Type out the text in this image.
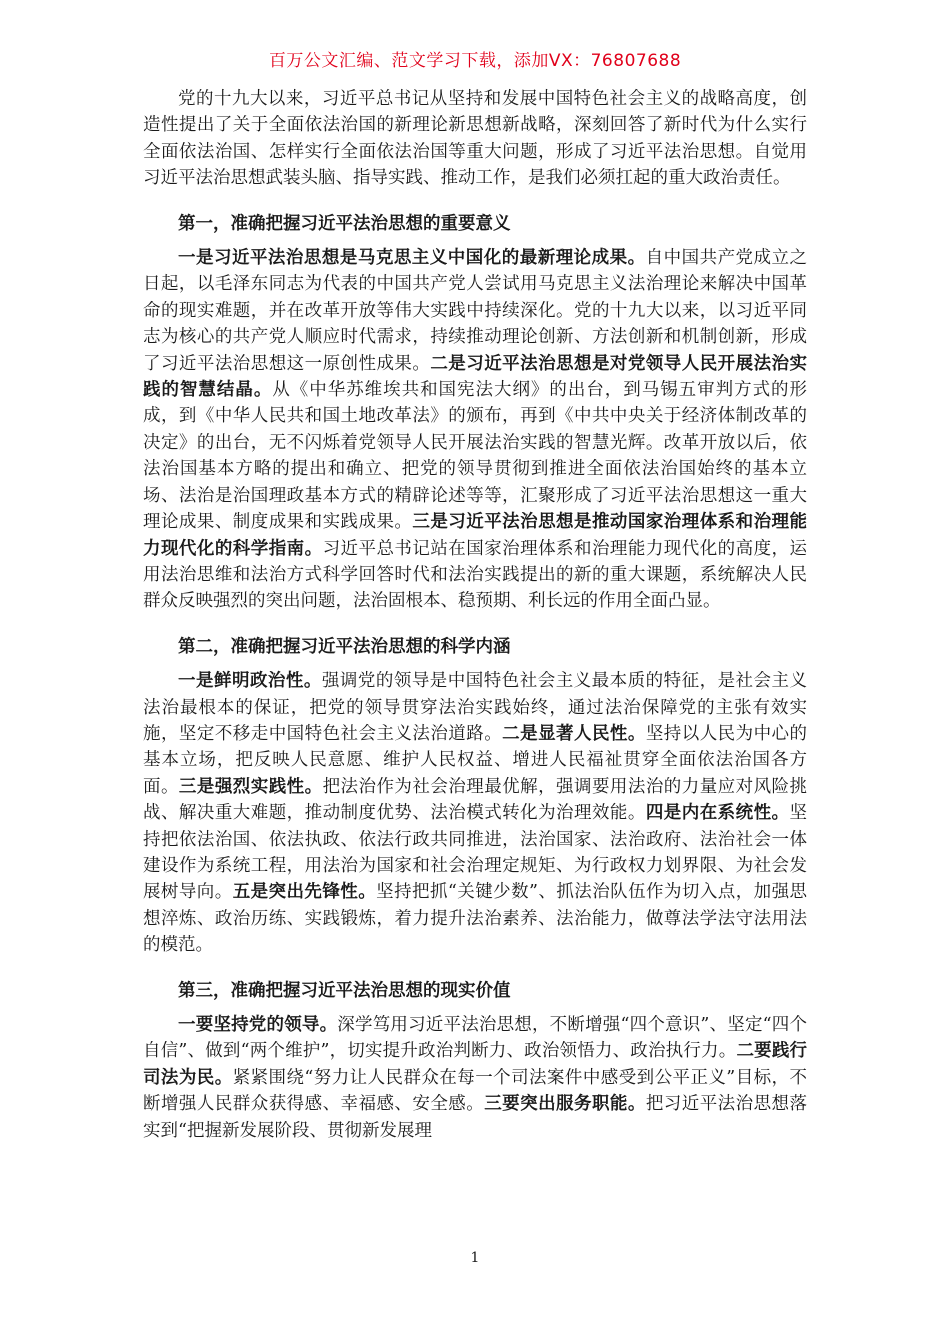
百万公文汇编、范文学习下载，添加VX：76807688

党的十九大以来，习近平总书记从坚持和发展中国特色社会主义的战略高度，创造性提出了关于全面依法治国的新理论新思想新战略，深刻回答了新时代为什么实行全面依法治国、怎样实行全面依法治国等重大问题，形成了习近平法治思想。自觉用习近平法治思想武装头脑、指导实践、推动工作，是我们必须扛起的重大政治责任。

第一，准确把握习近平法治思想的重要意义

一是习近平法治思想是马克思主义中国化的最新理论成果。自中国共产党成立之日起，以毛泽东同志为代表的中国共产党人尝试用马克思主义法治理论来解决中国革命的现实难题，并在改革开放等伟大实践中持续深化。党的十九大以来，以习近平同志为核心的共产党人顺应时代需求，持续推动理论创新、方法创新和机制创新，形成了习近平法治思想这一原创性成果。二是习近平法治思想是对党领导人民开展法治实践的智慧结晶。从《中华苏维埃共和国宪法大纲》的出台，到马锡五审判方式的形成，到《中华人民共和国土地改革法》的颁布，再到《中共中央关于经济体制改革的决定》的出台，无不闪烁着党领导人民开展法治实践的智慧光辉。改革开放以后，依法治国基本方略的提出和确立、把党的领导贯彻到推进全面依法治国始终的基本立场、法治是治国理政基本方式的精辟论述等等，汇聚形成了习近平法治思想这一重大理论成果、制度成果和实践成果。三是习近平法治思想是推动国家治理体系和治理能力现代化的科学指南。习近平总书记站在国家治理体系和治理能力现代化的高度，运用法治思维和法治方式科学回答时代和法治实践提出的新的重大课题，系统解决人民群众反映强烈的突出问题，法治固根本、稳预期、利长远的作用全面凸显。

第二，准确把握习近平法治思想的科学内涵

一是鲜明政治性。强调党的领导是中国特色社会主义最本质的特征，是社会主义法治最根本的保证，把党的领导贯穿法治实践始终，通过法治保障党的主张有效实施，坚定不移走中国特色社会主义法治道路。二是显著人民性。坚持以人民为中心的基本立场，把反映人民意愿、维护人民权益、增进人民福祉贯穿全面依法治国各方面。三是强烈实践性。把法治作为社会治理最优解，强调要用法治的力量应对风险挑战、解决重大难题，推动制度优势、法治模式转化为治理效能。四是内在系统性。坚持把依法治国、依法执政、依法行政共同推进，法治国家、法治政府、法治社会一体建设作为系统工程，用法治为国家和社会治理定规矩、为行政权力划界限、为社会发展树导向。五是突出先锋性。坚持把抓“关键少数”、抓法治队伍作为切入点，加强思想淬炼、政治历练、实践锻炼，着力提升法治素养、法治能力，做尊法学法守法用法的模范。

第三，准确把握习近平法治思想的现实价值

一要坚持党的领导。深学笃用习近平法治思想，不断增强“四个意识”、坚定“四个自信”、做到“两个维护”，切实提升政治判断力、政治领悟力、政治执行力。二要践行司法为民。紧紧围绕“努力让人民群众在每一个司法案件中感受到公平正义”目标，不断增强人民群众获得感、幸福感、安全感。三要突出服务职能。把习近平法治思想落实到“把握新发展阶段、贯彻新发展理

1
